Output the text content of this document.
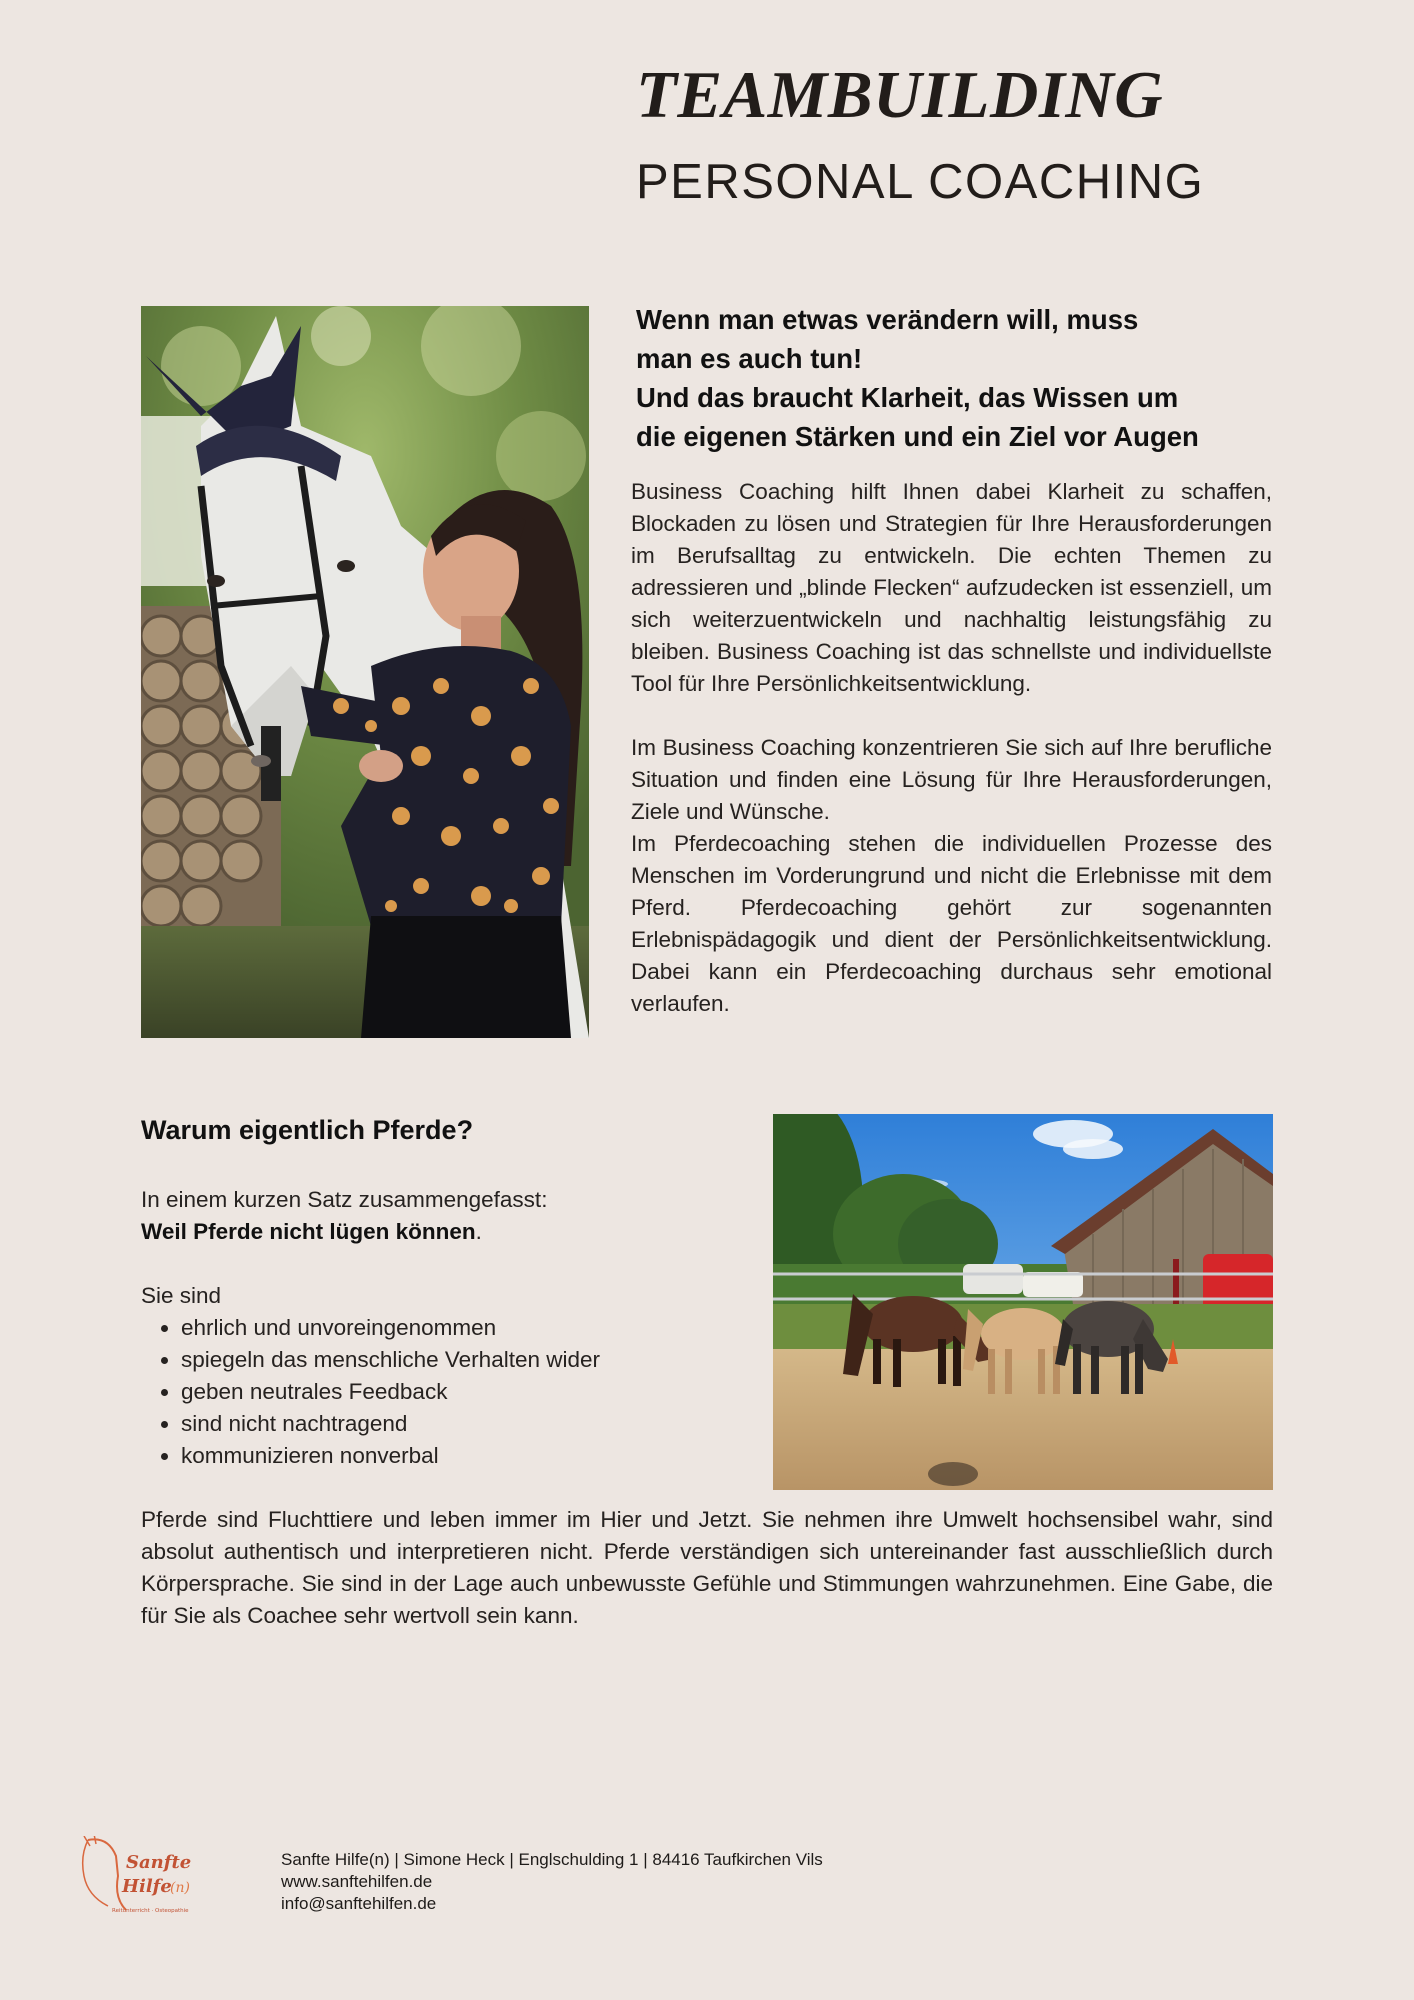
TEAMBUILDING
PERSONAL COACHING
Wenn man etwas verändern will, muss
man es auch tun!
Und das braucht Klarheit, das Wissen um
die eigenen Stärken und ein Ziel vor Augen

Business Coaching hilft Ihnen dabei Klarheit zu schaffen, Blockaden zu lösen und Strategien für Ihre Herausforderungen im Berufsalltag zu entwickeln. Die echten Themen zu adressieren und „blinde Flecken“ aufzudecken ist essenziell, um sich weiterzuentwickeln und nachhaltig leistungsfähig zu bleiben. Business Coaching ist das schnellste und individuellste Tool für Ihre Persönlichkeitsentwicklung.

Im Business Coaching konzentrieren Sie sich auf Ihre berufliche Situation und finden eine Lösung für Ihre Herausforderungen, Ziele und Wünsche.

Im Pferdecoaching stehen die individuellen Prozesse des Menschen im Vorderungrund und nicht die Erlebnisse mit dem Pferd. Pferdecoaching gehört zur sogenannten Erlebnispädagogik und dient der Persönlichkeitsentwicklung. Dabei kann ein Pferdecoaching durchaus sehr emotional verlaufen.

Warum eigentlich Pferde?

In einem kurzen Satz zusammengefasst:

Weil Pferde nicht lügen können.

Sie sind

• ehrlich und unvoreingenommen
• spiegeln das menschliche Verhalten wider
• geben neutrales Feedback
• sind nicht nachtragend
• kommunizieren nonverbal

Pferde sind Fluchttiere und leben immer im Hier und Jetzt. Sie nehmen ihre Umwelt hochsensibel wahr, sind absolut authentisch und interpretieren nicht. Pferde verständigen sich untereinander fast ausschließlich durch Körpersprache. Sie sind in der Lage auch unbewusste Gefühle und Stimmungen wahrzunehmen. Eine Gabe, die für Sie als Coachee sehr wertvoll sein kann.

Sanfte
Hilfe
(n)
Reitunterricht · Osteopathie
Sanfte Hilfe(n) | Simone Heck | Englschulding 1 | 84416 Taufkirchen Vils
www.sanftehilfen.de
info@sanftehilfen.de
